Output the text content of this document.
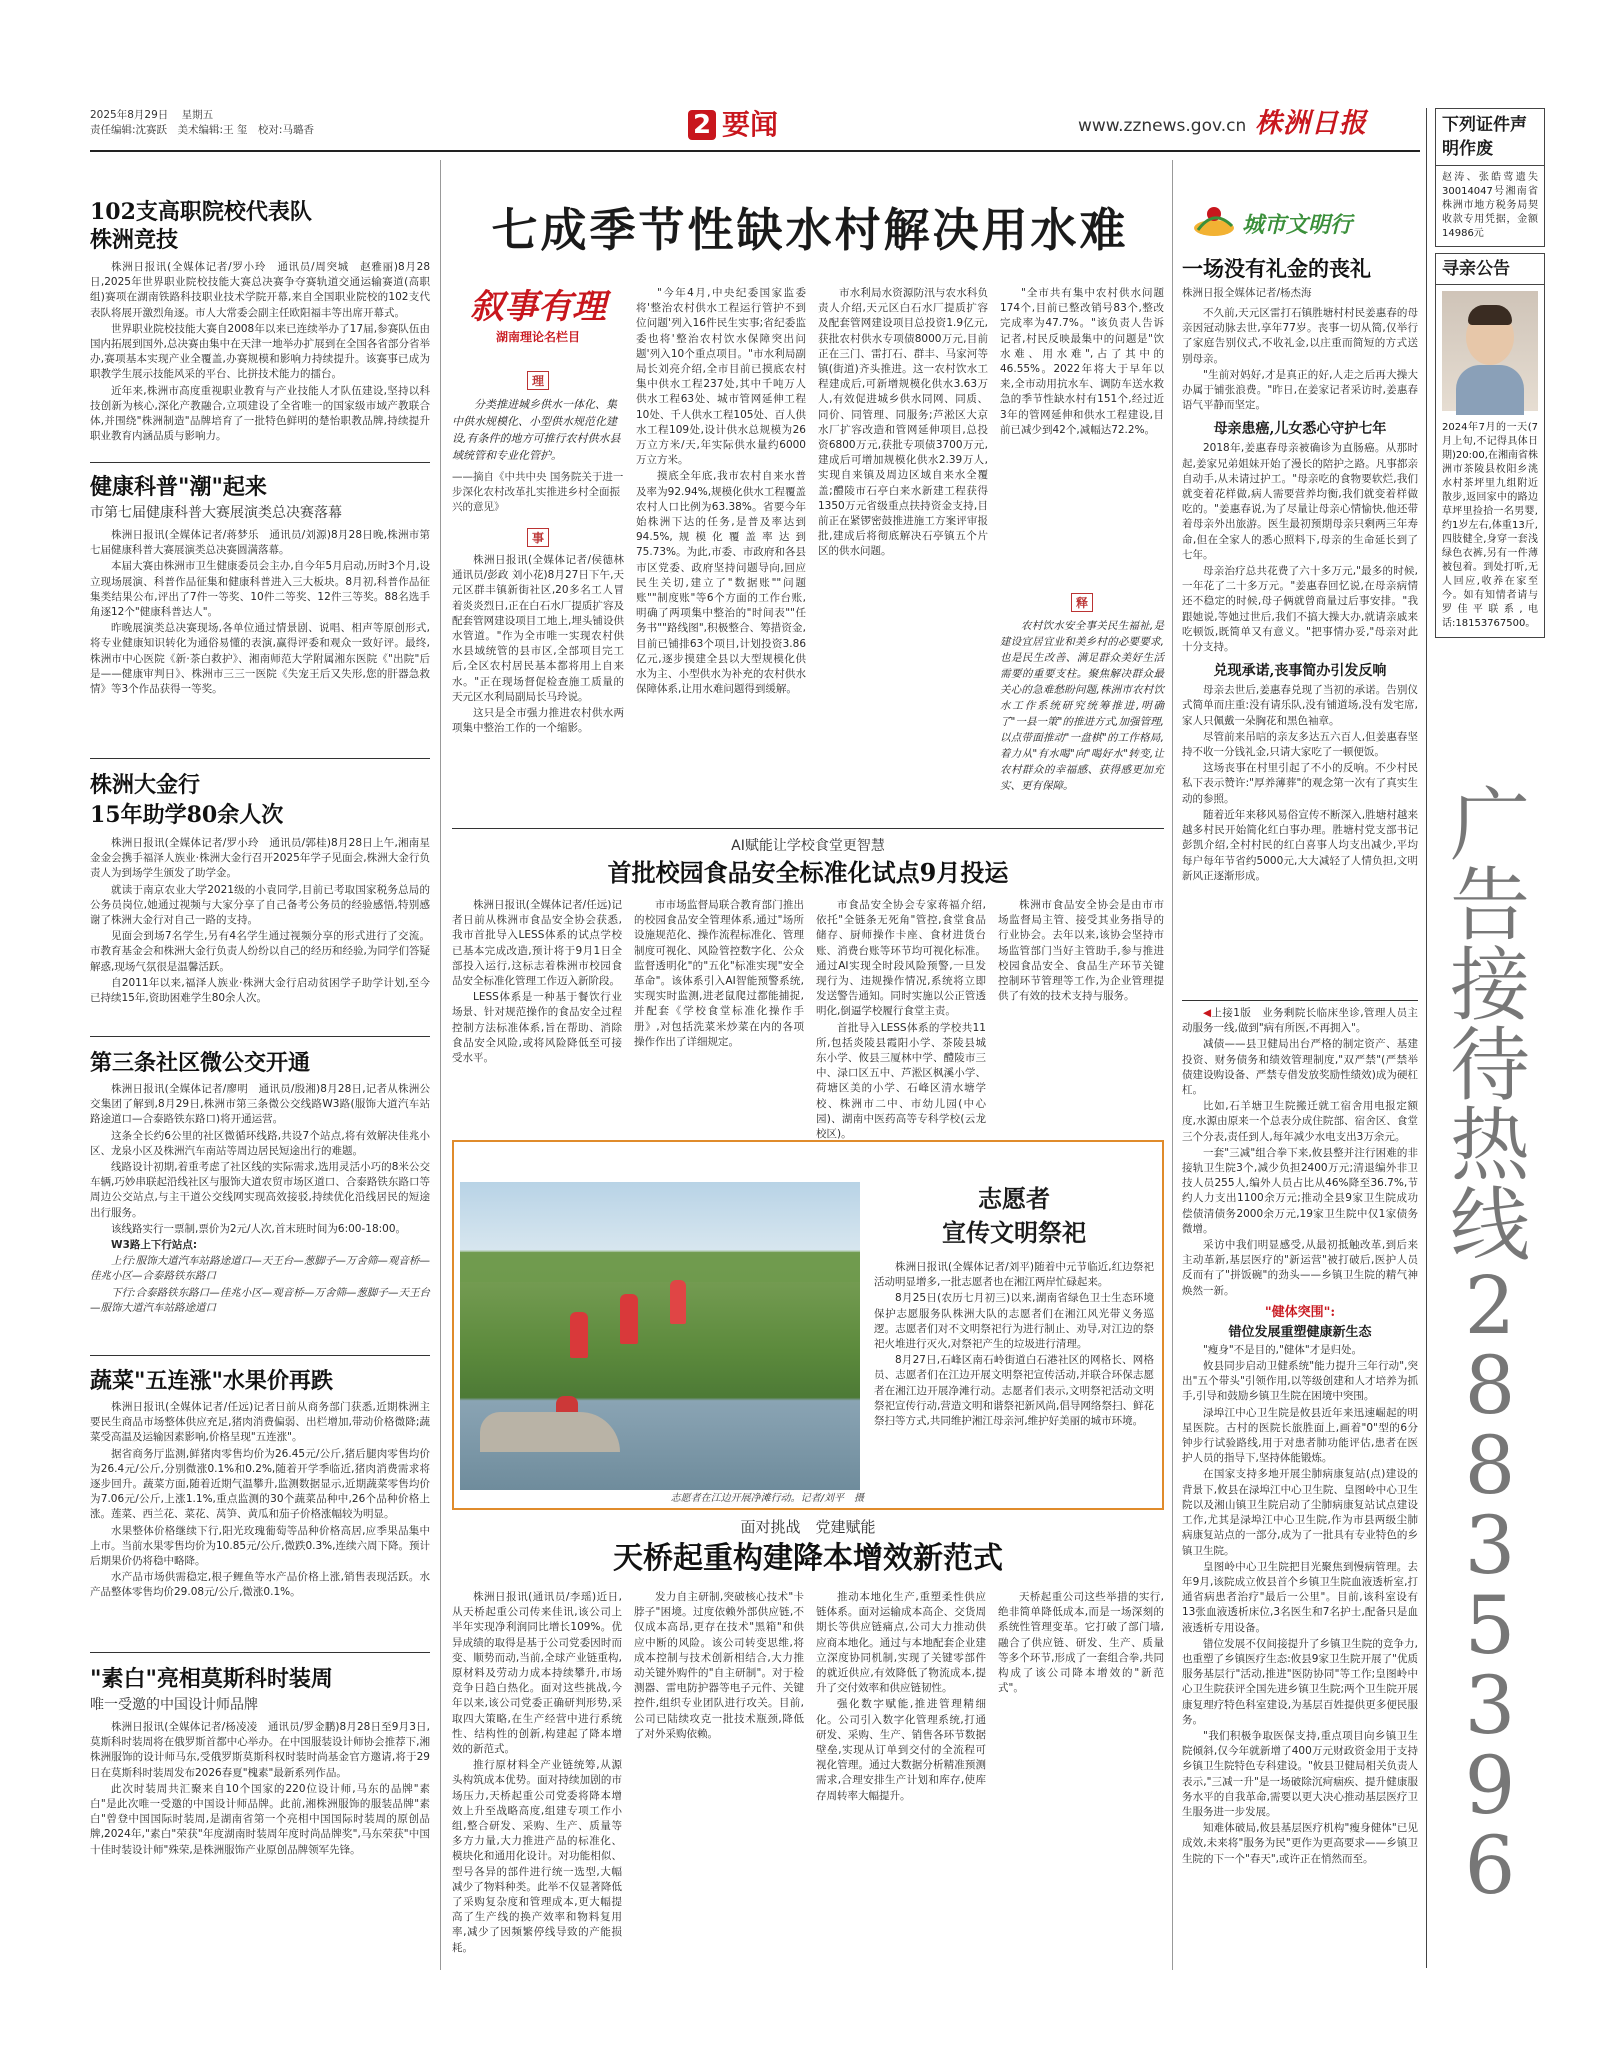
2025年8月29日 星期五
责任编辑:沈赛跃　美术编辑:王 玺　校对:马璐香	2 要闻	www.zznews.gov.cn 株洲日报	下列证件声明作废
赵涛、张皓莺遗失30014047号湘南省株洲市地方税务局契收款专用凭据，金额14986元
寻亲公告
2024年7月的一天(7月上旬,不记得具体日期)20:00,在湘南省株洲市茶陵县枚阳乡洮水村茶坪里九组附近散步,返回家中的路边草坪里捡拾一名男婴,约1岁左右,体重13斤,四肢健全,身穿一套浅绿色衣裤,另有一件薄被包着。到处打听,无人回应,收养在家至今。如有知情者请与罗佳平联系,电话:18153767500。
广
告
接
待
热
线
2
8
8
3
5
3
9
6
102支高职院校代表队
株洲竞技

株洲日报讯(全媒体记者/罗小玲　通讯员/周突城　赵雅丽)8月28日,2025年世界职业院校技能大赛总决赛争夺赛轨道交通运输赛道(高职组)赛项在湖南铁路科技职业技术学院开幕,来自全国职业院校的102支代表队将展开激烈角逐。市人大常委会副主任欧阳福丰等出席开幕式。

世界职业院校技能大赛自2008年以来已连续举办了17届,参赛队伍由国内拓展到国外,总决赛由集中在天津一地举办扩展到在全国各省部分省举办,赛项基本实现产业全覆盖,办赛规模和影响力持续提升。该赛事已成为职教学生展示技能风采的平台、比拼技术能力的擂台。

近年来,株洲市高度重视职业教育与产业技能人才队伍建设,坚持以科技创新为核心,深化产教融合,立项建设了全省唯一的国家级市域产教联合体,并围绕"株洲制造"品牌培育了一批特色鲜明的楚怡职教品牌,持续提升职业教育内涵品质与影响力。

健康科普"潮"起来
市第七届健康科普大赛展演类总决赛落幕

株洲日报讯(全媒体记者/蒋梦乐　通讯员/刘源)8月28日晚,株洲市第七届健康科普大赛展演类总决赛圆满落幕。

本届大赛由株洲市卫生健康委员会主办,自今年5月启动,历时3个月,设立现场展演、科普作品征集和健康科普进入三大板块。8月初,科普作品征集类结果公布,评出了7件一等奖、10件二等奖、12件三等奖。88名选手角逐12个"健康科普达人"。

昨晚展演类总决赛现场,各单位通过情景剧、说唱、相声等原创形式,将专业健康知识转化为通俗易懂的表演,赢得评委和观众一致好评。最终,株洲市中心医院《新·茶白救护》、湘南师范大学附属湘东医院《"出院"后是——健康审判日》、株洲市三三一医院《失宠王后又失形,您的肝器急救情》等3个作品获得一等奖。

株洲大金行
15年助学80余人次

株洲日报讯(全媒体记者/罗小玲　通讯员/郭桂)8月28日上午,湘南星金金会携手福泽人族业·株洲大金行召开2025年学子见面会,株洲大金行负责人为到场学生颁发了助学金。

就读于南京农业大学2021级的小袁同学,目前已考取国家税务总局的公务员岗位,她通过视频与大家分享了自己备考公务员的经验感悟,特别感谢了株洲大金行对自己一路的支持。

见面会到场7名学生,另有4名学生通过视频分享的形式进行了交流。市教育基金会和株洲大金行负责人纷纷以自己的经历和经验,为同学们答疑解惑,现场气氛很是温馨活跃。

自2011年以来,福泽人族业·株洲大金行启动贫困学子助学计划,至今已持续15年,资助困难学生80余人次。

第三条社区微公交开通

株洲日报讯(全媒体记者/廖明　通讯员/殷湘)8月28日,记者从株洲公交集团了解到,8月29日,株洲市第三条微公交线路W3路(服饰大道汽车站路途道口—合泰路铁东路口)将开通运营。

这条全长约6公里的社区微循环线路,共设7个站点,将有效解决佳兆小区、龙泉小区及株洲汽车南站等周边居民短途出行的难题。

线路设计初期,着重考虑了社区线的实际需求,选用灵活小巧的8米公交车辆,巧妙串联起沿线社区与服饰大道农贸市场区道口、合泰路铁东路口等周边公交站点,与主干道公交线网实现高效接驳,持续优化沿线居民的短途出行服务。

该线路实行一票制,票价为2元/人次,首末班时间为6:00-18:00。

W3路上下行站点:

上行:服饰大道汽车站路途道口—天王台—葱脚子—万舍筛—观音桥—佳兆小区—合泰路铁东路口

下行:合泰路铁东路口—佳兆小区—观音桥—万舍筛—葱脚子—天王台—服饰大道汽车站路途道口

蔬菜"五连涨"水果价再跌

株洲日报讯(全媒体记者/任远)记者日前从商务部门获悉,近期株洲主要民生商品市场整体供应充足,猪肉消费偏弱、出栏增加,带动价格微降;蔬菜受高温及运输因素影响,价格呈现"五连涨"。

据省商务厅监测,鲜猪肉零售均价为26.45元/公斤,猪后腿肉零售均价为26.4元/公斤,分别微涨0.1%和0.2%,随着开学季临近,猪肉消费需求将逐步回升。蔬菜方面,随着近期气温攀升,监测数据显示,近期蔬菜零售均价为7.06元/公斤,上涨1.1%,重点监测的30个蔬菜品种中,26个品种价格上涨。莲菜、西兰花、菜花、莴笋、黄瓜和茄子价格涨幅较为明显。

水果整体价格继续下行,阳光玫瑰葡萄等品种价格高居,应季果品集中上市。当前水果零售均价为10.85元/公斤,微跌0.3%,连续六周下降。预计后期果价仍将稳中略降。

水产品市场供需稳定,根子鲤鱼等水产品价格上涨,销售表现活跃。水产品整体零售均价29.08元/公斤,微涨0.1%。

"素白"亮相莫斯科时装周
唯一受邀的中国设计师品牌

株洲日报讯(全媒体记者/杨凌凌　通讯员/罗金鹏)8月28日至9月3日,莫斯科时装周将在俄罗斯首都中心举办。在中国服装设计师协会推荐下,湘株洲服饰的设计师马东,受俄罗斯莫斯科权时装时尚基金官方邀请,将于29日在莫斯科时装周发布2026春夏"槐素"最新系列作品。

此次时装周共汇聚来自10个国家的220位设计师,马东的品牌"素白"是此次唯一受邀的中国设计师品牌。此前,湘株洲服饰的服装品牌"素白"曾登中国国际时装周,是湖南省第一个亮相中国国际时装周的原创品牌,2024年,"素白"荣获"年度湖南时装周年度时尚品牌奖",马东荣获"中国十佳时装设计师"殊荣,是株洲服饰产业原创品牌领军先锋。

七成季节性缺水村解决用水难
叙事有理
湖南理论名栏目
理
分类推进城乡供水一体化、集中供水规模化、小型供水规范化建设,有条件的地方可推行农村供水县域统管和专业化管护。
——摘自《中共中央 国务院关于进一步深化农村改革扎实推进乡村全面振兴的意见》
事

株洲日报讯(全媒体记者/侯德林 通讯员/彭政 刘小花)8月27日下午,天元区群丰镇新街社区,20多名工人冒着炎炎烈日,正在白石水厂提质扩容及配套管网建设项目工地上,埋头铺设供水管道。"作为全市唯一实现农村供水县域统管的县市区,全部项目完工后,全区农村居民基本都将用上自来水。"正在现场督促检查施工质量的天元区水利局副局长马玲说。

这只是全市强力推进农村供水两项集中整治工作的一个缩影。

"今年4月,中央纪委国家监委将'整治农村供水工程运行管护不到位问题'列入16件民生实事;省纪委监委也将'整治农村饮水保障突出问题'列入10个重点项目。"市水利局副局长刘亮介绍,全市目前已摸底农村集中供水工程237处,其中千吨万人供水工程63处、城市管网延伸工程10处、千人供水工程105处、百人供水工程109处,设计供水总规模为26万立方米/天,年实际供水量约6000万立方米。

摸底全年底,我市农村自来水普及率为92.94%,规模化供水工程覆盖农村人口比例为63.38%。省要今年始株洲下达的任务,是普及率达到94.5%,规模化覆盖率达到75.73%。为此,市委、市政府和各县市区党委、政府坚持问题导向,回应民生关切,建立了"数据账""问题账""制度账"等6个方面的工作台账,明确了两项集中整治的"时间表""任务书""路线图",积极整合、筹措资金,目前已铺排63个项目,计划投资3.86亿元,逐步摸建全县以大型规模化供水为主、小型供水为补充的农村供水保障体系,让用水难问题得到缓解。

市水利局水资源防汛与农水科负责人介绍,天元区白石水厂提质扩容及配套管网建设项目总投资1.9亿元,获批农村供水专项债8000万元,目前正在三门、雷打石、群丰、马家河等镇(街道)齐头推进。这一农村饮水工程建成后,可新增规模化供水3.63万人,有效促进城乡供水同网、同质、同价、同管理、同服务;芦淞区大京水厂扩容改造和管网延伸项目,总投资6800万元,获批专项债3700万元,建成后可增加规模化供水2.39万人,实现自来镇及周边区域自来水全覆盖;醴陵市石亭白来水新建工程获得1350万元省级重点扶持资金支持,目前正在紧锣密鼓推进施工方案评审报批,建成后将彻底解决石亭镇五个片区的供水问题。

"全市共有集中农村供水问题174个,目前已整改销号83个,整改完成率为47.7%。"该负责人告诉记者,村民反映最集中的问题是"饮水难、用水难",占了其中的46.55%。2022年将大于早年以来,全市动用抗水车、调防车送水救急的季节性缺水村有151个,经过近3年的管网延伸和供水工程建设,目前已减少到42个,减幅达72.2%。

释
农村饮水安全事关民生福祉,是建设宜居宜业和美乡村的必要要求,也是民生改善、满足群众美好生活需要的重要支柱。聚焦解决群众最关心的急难愁盼问题,株洲市农村饮水工作系统研究统筹推进,明确了"一县一策"的推进方式,加强管理,以点带面推动"一盘棋"的工作格局,着力从"有水喝"向"喝好水"转变,让农村群众的幸福感、获得感更加充实、更有保障。
AI赋能让学校食堂更智慧
首批校园食品安全标准化试点9月投运

株洲日报讯(全媒体记者/任远)记者日前从株洲市食品安全协会获悉,我市首批导入LESS体系的试点学校已基本完成改造,预计将于9月1日全部投入运行,这标志着株洲市校园食品安全标准化管理工作迈入新阶段。

LESS体系是一种基于餐饮行业场景、针对规范操作的食品安全过程控制方法标准体系,旨在帮助、消除食品安全风险,或将风险降低至可接受水平。

市市场监督局联合教育部门推出的校园食品安全管理体系,通过"场所设施规范化、操作流程标准化、管理制度可视化、风险管控数字化、公众监督透明化"的"五化"标准实现"安全革命"。该体系引入AI智能预警系统,实现实时监测,进老鼠爬过都能捕捉,并配套《学校食堂标准化操作手册》,对包括洗菜米炒菜在内的各项操作作出了详细规定。

市食品安全协会专家蒋福介绍,依托"全链条无死角"管控,食堂食品储存、厨师操作卡座、食材进货台账、消费台账等环节均可视化标准。通过AI实现全时段风险预警,一旦发现行为、违规操作情况,系统将立即发送警告通知。同时实施以公正管透明化,倒逼学校履行食堂主责。

首批导入LESS体系的学校共11所,包括炎陵县霞阳小学、茶陵县城东小学、攸县三厦林中学、醴陵市三中、渌口区五中、芦淞区枫溪小学、荷塘区美的小学、石峰区清水塘学校、株洲市二中、市幼儿园(中心园)、湖南中医药高等专科学校(云龙校区)。

株洲市食品安全协会是由市市场监督局主管、接受其业务指导的行业协会。去年以来,该协会坚持市场监管部门当好主管助手,参与推进校园食品安全、食品生产环节关键控制环节管理等工作,为企业管理提供了有效的技术支持与服务。

志愿者
宣传文明祭祀

株洲日报讯(全媒体记者/刘平)随着中元节临近,红边祭祀活动明显增多,一批志愿者也在湘江两岸忙碌起来。

8月25日(农历七月初三)以来,湖南省绿色卫士生态环境保护志愿服务队株洲大队的志愿者们在湘江风光带义务巡逻。志愿者们对不文明祭祀行为进行制止、劝导,对江边的祭祀火堆进行灭火,对祭祀产生的垃圾进行清理。

8月27日,石峰区南石岭街道白石港社区的网格长、网格员、志愿者们在江边开展文明祭祀宣传活动,并联合环保志愿者在湘江边开展净滩行动。志愿者们表示,文明祭祀活动文明祭祀宣传行动,营造文明和谐祭祀新风尚,倡导网络祭扫、鲜花祭扫等方式,共同维护湘江母亲河,维护好美丽的城市环境。

志愿者在江边开展净滩行动。记者/刘平　摄
面对挑战　党建赋能
天桥起重构建降本增效新范式

株洲日报讯(通讯员/李瑶)近日,从天桥起重公司传来佳讯,该公司上半年实现净利润同比增长109%。优异成绩的取得是基于公司党委因时而变、顺势而动,当前,全球产业链重构,原材料及劳动力成本持续攀升,市场竞争日趋白热化。面对这些挑战,今年以来,该公司党委正确研判形势,采取四大策略,在生产经营中进行系统性、结构性的创新,构建起了降本增效的新范式。

推行原材料全产业链统筹,从源头构筑成本优势。面对持续加剧的市场压力,天桥起重公司党委将降本增效上升至战略高度,组建专项工作小组,整合研发、采购、生产、质量等多方力量,大力推进产品的标准化、模块化和通用化设计。对功能相似、型号各异的部件进行统一选型,大幅减少了物料种类。此举不仅显著降低了采购复杂度和管理成本,更大幅提高了生产线的换产效率和物料复用率,减少了因频繁停线导致的产能损耗。

发力自主研制,突破核心技术"卡脖子"困境。过度依赖外部供应链,不仅成本高昂,更存在技术"黑箱"和供应中断的风险。该公司转变思维,将成本控制与技术创新相结合,大力推动关键外购件的"自主研制"。对于检测器、雷电防护器等电子元件、关键控件,组织专业团队进行攻关。目前,公司已陆续攻克一批技术瓶颈,降低了对外采购依赖。

推动本地化生产,重塑柔性供应链体系。面对运输成本高企、交货周期长等供应链痛点,公司大力推动供应商本地化。通过与本地配套企业建立深度协同机制,实现了关键零部件的就近供应,有效降低了物流成本,提升了交付效率和供应链韧性。

强化数字赋能,推进管理精细化。公司引入数字化管理系统,打通研发、采购、生产、销售各环节数据壁垒,实现从订单到交付的全流程可视化管理。通过大数据分析精准预测需求,合理安排生产计划和库存,使库存周转率大幅提升。

天桥起重公司这些举措的实行,绝非简单降低成本,而是一场深刻的系统性管理变革。它打破了部门墙,融合了供应链、研发、生产、质量等多个环节,形成了一套组合拳,共同构成了该公司降本增效的"新范式"。

城市文明行
一场没有礼金的丧礼
株洲日报全媒体记者/杨杰海

不久前,天元区雷打石镇胜塘村村民姜惠春的母亲因冠动脉去世,享年77岁。丧事一切从简,仅举行了家庭告别仪式,不收礼金,以庄重而简短的方式送别母亲。

"生前对妈好,才是真正的好,人走之后再大操大办属于铺张浪费。"昨日,在姜家记者采访时,姜惠春语气平静而坚定。

母亲患癌,儿女悉心守护七年

2018年,姜惠春母亲被确诊为直肠癌。从那时起,姜家兄弟姐妹开始了漫长的陪护之路。凡事都亲自动手,从未请过护工。"母亲吃的食物要软烂,我们就变着花样做,病人需要营养均衡,我们就变着样做吃的。"姜惠春说,为了尽量让母亲心情愉快,他还带着母亲外出旅游。医生最初预期母亲只剩两三年寿命,但在全家人的悉心照料下,母亲的生命延长到了七年。

母亲治疗总共花费了六十多万元,"最多的时候,一年花了二十多万元。"姜惠春回忆说,在母亲病情还不稳定的时候,母子俩就曾商量过后事安排。"我跟她说,等她过世后,我们不搞大操大办,就请亲戚来吃顿饭,既简单又有意义。"把事情办妥,"母亲对此十分支持。

兑现承诺,丧事简办引发反响

母亲去世后,姜惠春兑现了当初的承诺。告别仪式简单而庄重:没有请乐队,没有铺道场,没有发宅席,家人只佩戴一朵胸花和黑色袖章。

尽管前来吊唁的亲友多达五六百人,但姜惠春坚持不收一分钱礼金,只请大家吃了一顿便饭。

这场丧事在村里引起了不小的反响。不少村民私下表示赞许:"厚养薄葬"的观念第一次有了真实生动的参照。

随着近年来移风易俗宣传不断深入,胜塘村越来越多村民开始简化红白事办理。胜塘村党支部书记彭凯介绍,全村村民的红白喜事人均支出减少,平均每户每年节省约5000元,大大减轻了人情负担,文明新风正逐渐形成。

◀上接1版　业务剩院长临床坐诊,管理人员主动服务一线,做到"病有所医,不再拥入"。

减债——县卫健局出台严格的制定资产、基建投资、财务债务和绩效管理制度,"双严禁"(严禁举债建设购设备、严禁专借发放奖励性绩效)成为硬杠杠。

比如,石羊塘卫生院搬迁就工宿舍用电报定额度,水源由原来一个总表分成住院部、宿舍区、食堂三个分表,责任到人,每年减少水电支出3万余元。

一套"三减"组合拳下来,攸县整并注行困难的非接轨卫生院3个,减少负担2400万元;清退编外非卫技人员255人,编外人员占比从46%降至36.7%,节约人力支出1100余万元;推动全县9家卫生院成功偿债清债务2000余万元,19家卫生院中仅1家债务微增。

采访中我们明显感受,从最初抵触改革,到后来主动革新,基层医疗的"新运营"被打破后,医护人员反而有了"拼饭碗"的劲头——乡镇卫生院的精气神焕然一新。

"健体突围":
错位发展重塑健康新生态

"瘦身"不是目的,"健体"才是归处。

攸县同步启动卫健系统"能力提升三年行动",突出"五个带头"引领作用,以等级创建和人才培养为抓手,引导和鼓励乡镇卫生院在困境中突围。

渌埠江中心卫生院是攸县近年来迅速崛起的明星医院。古村的医院长旅胜面上,画着"0"型的6分钟步行试验路线,用于对患者肺功能评估,患者在医护人员的指导下,坚持体能锻炼。

在国家支持多地开展尘肺病康复站(点)建设的背景下,攸县在渌埠江中心卫生院、皇图岭中心卫生院以及湘山镇卫生院启动了尘肺病康复站试点建设工作,尤其是渌埠江中心卫生院,作为市县两级尘肺病康复站点的一部分,成为了一批具有专业特色的乡镇卫生院。

皇图岭中心卫生院把目光聚焦到慢病管理。去年9月,该院成立攸县首个乡镇卫生院血液透析室,打通省病患者治疗"最后一公里"。目前,该科室设有13张血液透析床位,3名医生和7名护士,配备只是血液透析专用设备。

错位发展不仅间接提升了乡镇卫生院的竞争力,也重塑了乡镇医疗生态:攸县9家卫生院开展了"优质服务基层行"活动,推进"医防协同"等工作;皇图岭中心卫生院获评全国先进乡镇卫生院;两个卫生院开展康复理疗特色科室建设,为基层百姓提供更多便民服务。

"我们积极争取医保支持,重点项目向乡镇卫生院倾斜,仅今年就新增了400万元财政资金用于支持乡镇卫生院特色专科建设。"攸县卫健局相关负责人表示,"三减一升"是一场破除沉疴痼疾、提升健康服务水平的自我革命,需要以更大决心推动基层医疗卫生服务进一步发展。

知难体破局,攸县基层医疗机构"瘦身健体"已见成效,未来将"服务为民"更作为更高要求——乡镇卫生院的下一个"春天",或许正在悄然而至。
